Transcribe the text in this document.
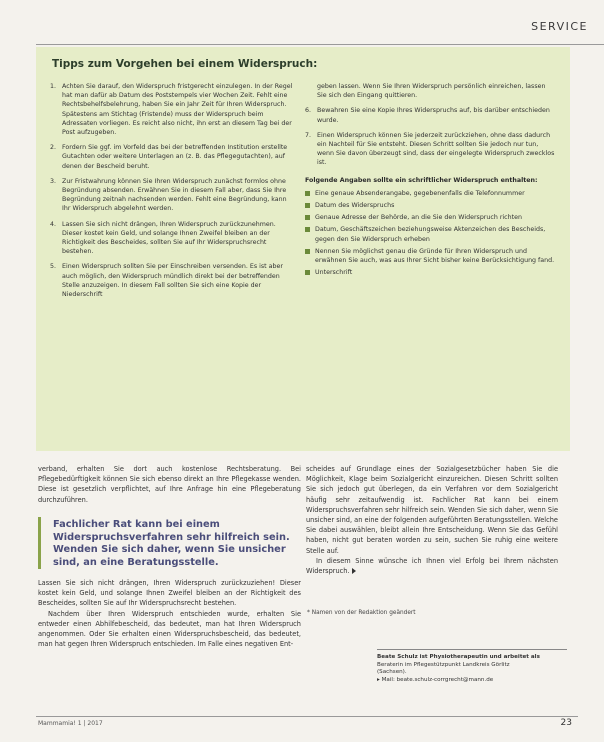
SERVICE
Tipps zum Vorgehen bei einem Widerspruch:
1. Achten Sie darauf, den Widerspruch fristgerecht einzulegen. In der Regel hat man dafür ab Datum des Poststempels vier Wochen Zeit. Fehlt eine Rechtsbehelfsbelehrung, haben Sie ein Jahr Zeit für Ihren Widerspruch. Spätestens am Stichtag (Fristende) muss der Widerspruch beim Adressaten vorliegen. Es reicht also nicht, ihn erst an diesem Tag bei der Post aufzugeben.
2. Fordern Sie ggf. im Vorfeld das bei der betreffenden Institution erstellte Gutachten oder weitere Unterlagen an (z. B. das Pflegegutachten), auf denen der Bescheid beruht.
3. Zur Fristwahrung können Sie Ihren Widerspruch zunächst formlos ohne Begründung absenden. Erwähnen Sie in diesem Fall aber, dass Sie Ihre Begründung zeitnah nachsenden werden. Fehlt eine Begründung, kann Ihr Widerspruch abgelehnt werden.
4. Lassen Sie sich nicht drängen, Ihren Widerspruch zurückzunehmen. Dieser kostet kein Geld, und solange Ihnen Zweifel bleiben an der Richtigkeit des Bescheides, sollten Sie auf Ihr Widerspruchsrecht bestehen.
5. Einen Widerspruch sollten Sie per Einschreiben versenden. Es ist aber auch möglich, den Widerspruch mündlich direkt bei der betreffenden Stelle anzuzeigen. In diesem Fall sollten Sie sich eine Kopie der Niederschrift
geben lassen. Wenn Sie Ihren Widerspruch persönlich einreichen, lassen Sie sich den Eingang quittieren.
6. Bewahren Sie eine Kopie Ihres Widerspruchs auf, bis darüber entschieden wurde.
7. Einen Widerspruch können Sie jederzeit zurückziehen, ohne dass dadurch ein Nachteil für Sie entsteht. Diesen Schritt sollten Sie jedoch nur tun, wenn Sie davon überzeugt sind, dass der eingelegte Widerspruch zwecklos ist.
Folgende Angaben sollte ein schriftlicher Widerspruch enthalten:
Eine genaue Absenderangabe, gegebenenfalls die Telefonnummer
Datum des Widerspruchs
Genaue Adresse der Behörde, an die Sie den Widerspruch richten
Datum, Geschäftszeichen beziehungsweise Aktenzeichen des Bescheids, gegen den Sie Widerspruch erheben
Nennen Sie möglichst genau die Gründe für Ihren Widerspruch und erwähnen Sie auch, was aus Ihrer Sicht bisher keine Berücksichtigung fand.
Unterschrift

verband, erhalten Sie dort auch kostenlose Rechtsberatung. Bei Pflegebedürftigkeit können Sie sich ebenso direkt an Ihre Pflegekasse wenden. Diese ist gesetzlich verpflichtet, auf Ihre Anfrage hin eine Pflegeberatung durchzuführen.

Fachlicher Rat kann bei einem Widerspruchsverfahren sehr hilfreich sein. Wenden Sie sich daher, wenn Sie unsicher sind, an eine Beratungsstelle.

Lassen Sie sich nicht drängen, Ihren Widerspruch zurückzuziehen! Dieser kostet kein Geld, und solange Ihnen Zweifel bleiben an der Richtigkeit des Bescheides, sollten Sie auf Ihr Widerspruchsrecht bestehen.

Nachdem über Ihren Widerspruch entschieden wurde, erhalten Sie entweder einen Abhilfebescheid, das bedeutet, man hat Ihren Widerspruch angenommen. Oder Sie erhalten einen Widerspruchsbescheid, das bedeutet, man hat gegen Ihren Widerspruch entschieden. Im Falle eines negativen Ent-

scheides auf Grundlage eines der Sozialgesetzbücher haben Sie die Möglichkeit, Klage beim Sozialgericht einzureichen. Diesen Schritt sollten Sie sich jedoch gut überlegen, da ein Verfahren vor dem Sozialgericht häufig sehr zeitaufwendig ist. Fachlicher Rat kann bei einem Widerspruchsverfahren sehr hilfreich sein. Wenden Sie sich daher, wenn Sie unsicher sind, an eine der folgenden aufgeführten Beratungsstellen. Welche Sie dabei auswählen, bleibt allein Ihre Entscheidung. Wenn Sie das Gefühl haben, nicht gut beraten worden zu sein, suchen Sie ruhig eine weitere Stelle auf.

In diesem Sinne wünsche ich Ihnen viel Erfolg bei Ihrem nächsten Widerspruch.

* Namen von der Redaktion geändert
Beate Schulz ist Physiotherapeutin und arbeitet als
Beraterin im Pflegestützpunkt Landkreis Görlitz
(Sachsen).
▸ Mail: beate.schulz-corrgrecht@mann.de
Mammamia! 1 | 2017	23
